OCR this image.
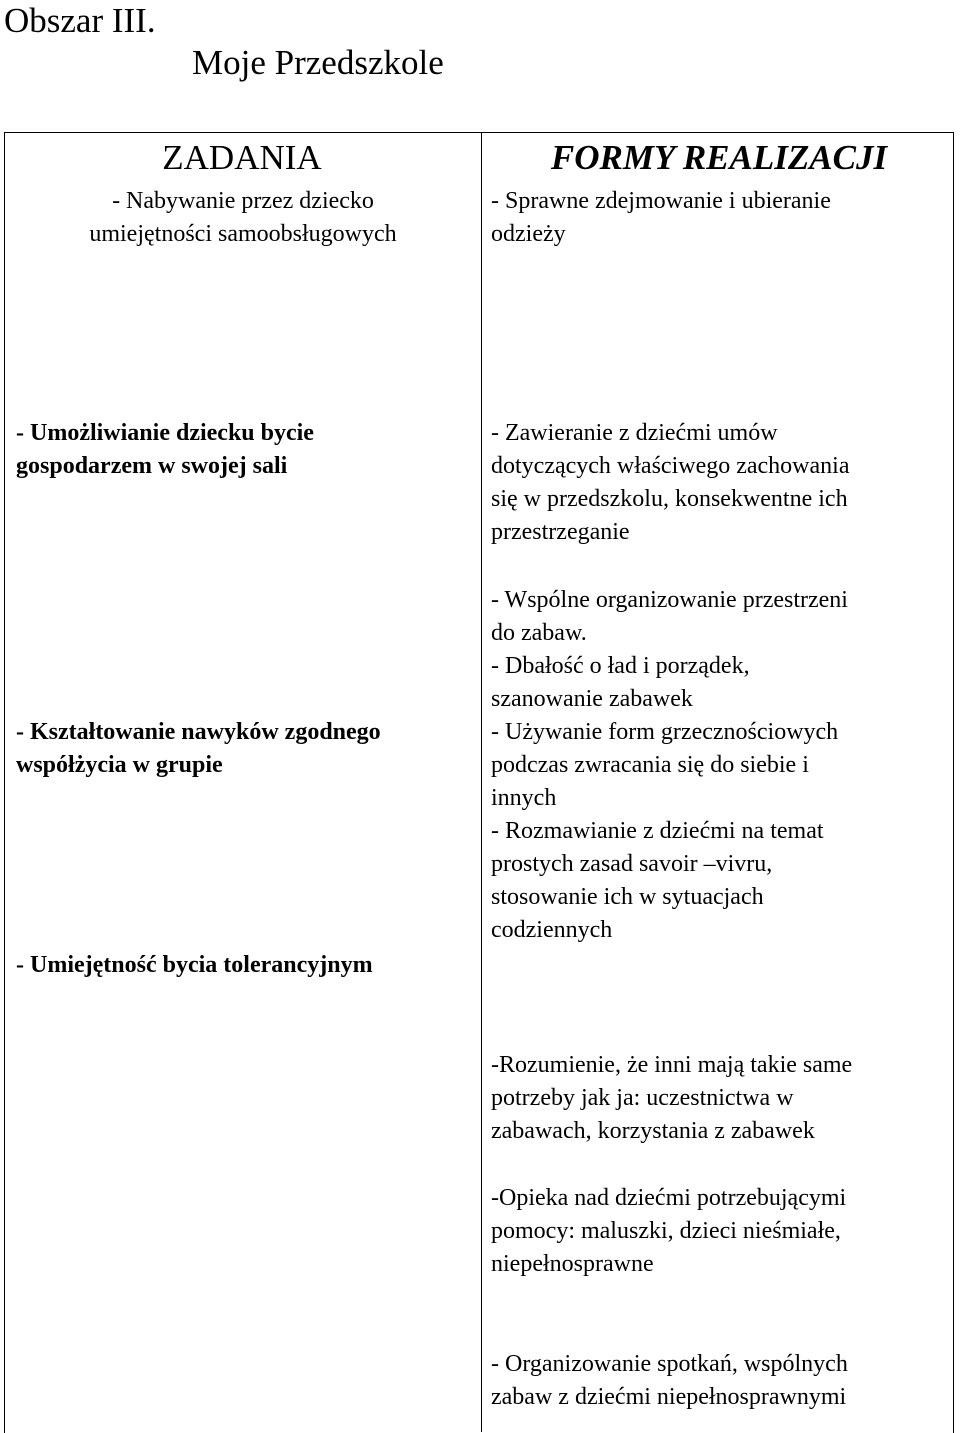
Obszar III.
Moje Przedszkole
ZADANIA	FORMY REALIZACJI

- Nabywanie przez dziecko
umiejętności samoobsługowych

- Umożliwianie dziecku bycie
gospodarzem w swojej sali

- Kształtowanie nawyków zgodnego
współżycia w grupie

- Umiejętność bycia tolerancyjnym

- Sprawne zdejmowanie i ubieranie
odzieży

- Zawieranie z dziećmi umów
dotyczących właściwego zachowania
się w przedszkolu, konsekwentne ich
przestrzeganie

- Wspólne organizowanie przestrzeni
do zabaw.
- Dbałość o ład i porządek,
szanowanie zabawek
- Używanie form grzecznościowych
podczas zwracania się do siebie i
innych
- Rozmawianie z dziećmi na temat
prostych zasad savoir –vivru,
stosowanie ich w sytuacjach
codziennych

-Rozumienie, że inni mają takie same
potrzeby jak ja: uczestnictwa w
zabawach, korzystania z zabawek

-Opieka nad dziećmi potrzebującymi
pomocy: maluszki, dzieci nieśmiałe,
niepełnosprawne

- Organizowanie spotkań, wspólnych
zabaw z dziećmi niepełnosprawnymi
